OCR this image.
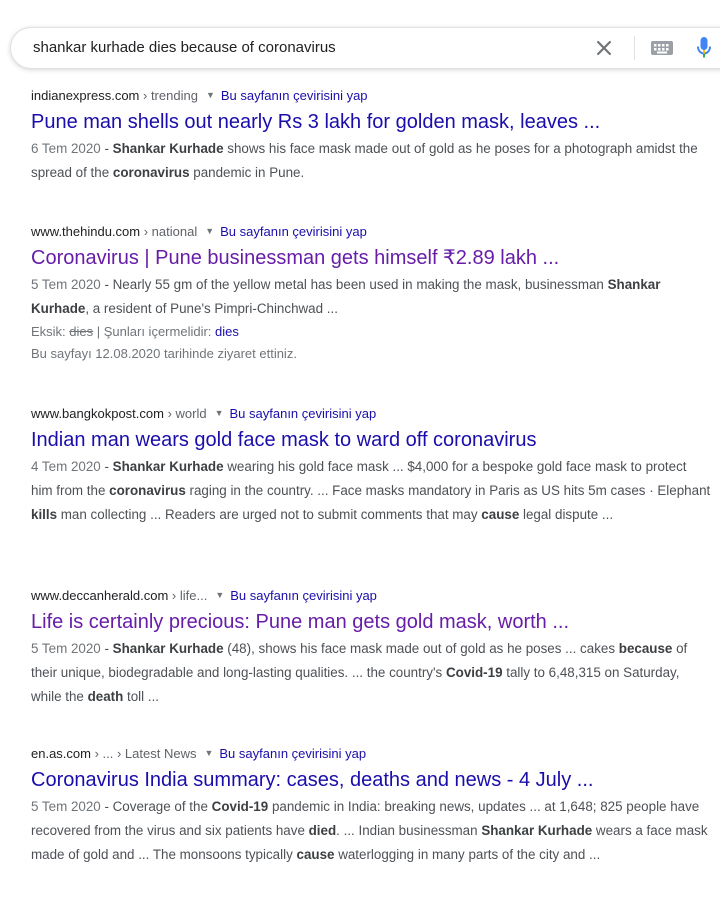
shankar kurhade dies because of coronavirus
indianexpress.com › trending ▼ Bu sayfanın çevirisini yap
Pune man shells out nearly Rs 3 lakh for golden mask, leaves ...
6 Tem 2020 - Shankar Kurhade shows his face mask made out of gold as he poses for a photograph amidst the spread of the coronavirus pandemic in Pune.
www.thehindu.com › national ▼ Bu sayfanın çevirisini yap
Coronavirus | Pune businessman gets himself ₹2.89 lakh ...
5 Tem 2020 - Nearly 55 gm of the yellow metal has been used in making the mask, businessman Shankar Kurhade, a resident of Pune's Pimpri-Chinchwad ...
Eksik: dies | Şunları içermelidir: dies
Bu sayfayı 12.08.2020 tarihinde ziyaret ettiniz.
www.bangkokpost.com › world ▼ Bu sayfanın çevirisini yap
Indian man wears gold face mask to ward off coronavirus
4 Tem 2020 - Shankar Kurhade wearing his gold face mask ... $4,000 for a bespoke gold face mask to protect him from the coronavirus raging in the country. ... Face masks mandatory in Paris as US hits 5m cases · Elephant kills man collecting ... Readers are urged not to submit comments that may cause legal dispute ...
www.deccanherald.com › life... ▼ Bu sayfanın çevirisini yap
Life is certainly precious: Pune man gets gold mask, worth ...
5 Tem 2020 - Shankar Kurhade (48), shows his face mask made out of gold as he poses ... cakes because of their unique, biodegradable and long-lasting qualities. ... the country's Covid-19 tally to 6,48,315 on Saturday, while the death toll ...
en.as.com › ... › Latest News ▼ Bu sayfanın çevirisini yap
Coronavirus India summary: cases, deaths and news - 4 July ...
5 Tem 2020 - Coverage of the Covid-19 pandemic in India: breaking news, updates ... at 1,648; 825 people have recovered from the virus and six patients have died. ... Indian businessman Shankar Kurhade wears a face mask made of gold and ... The monsoons typically cause waterlogging in many parts of the city and ...
